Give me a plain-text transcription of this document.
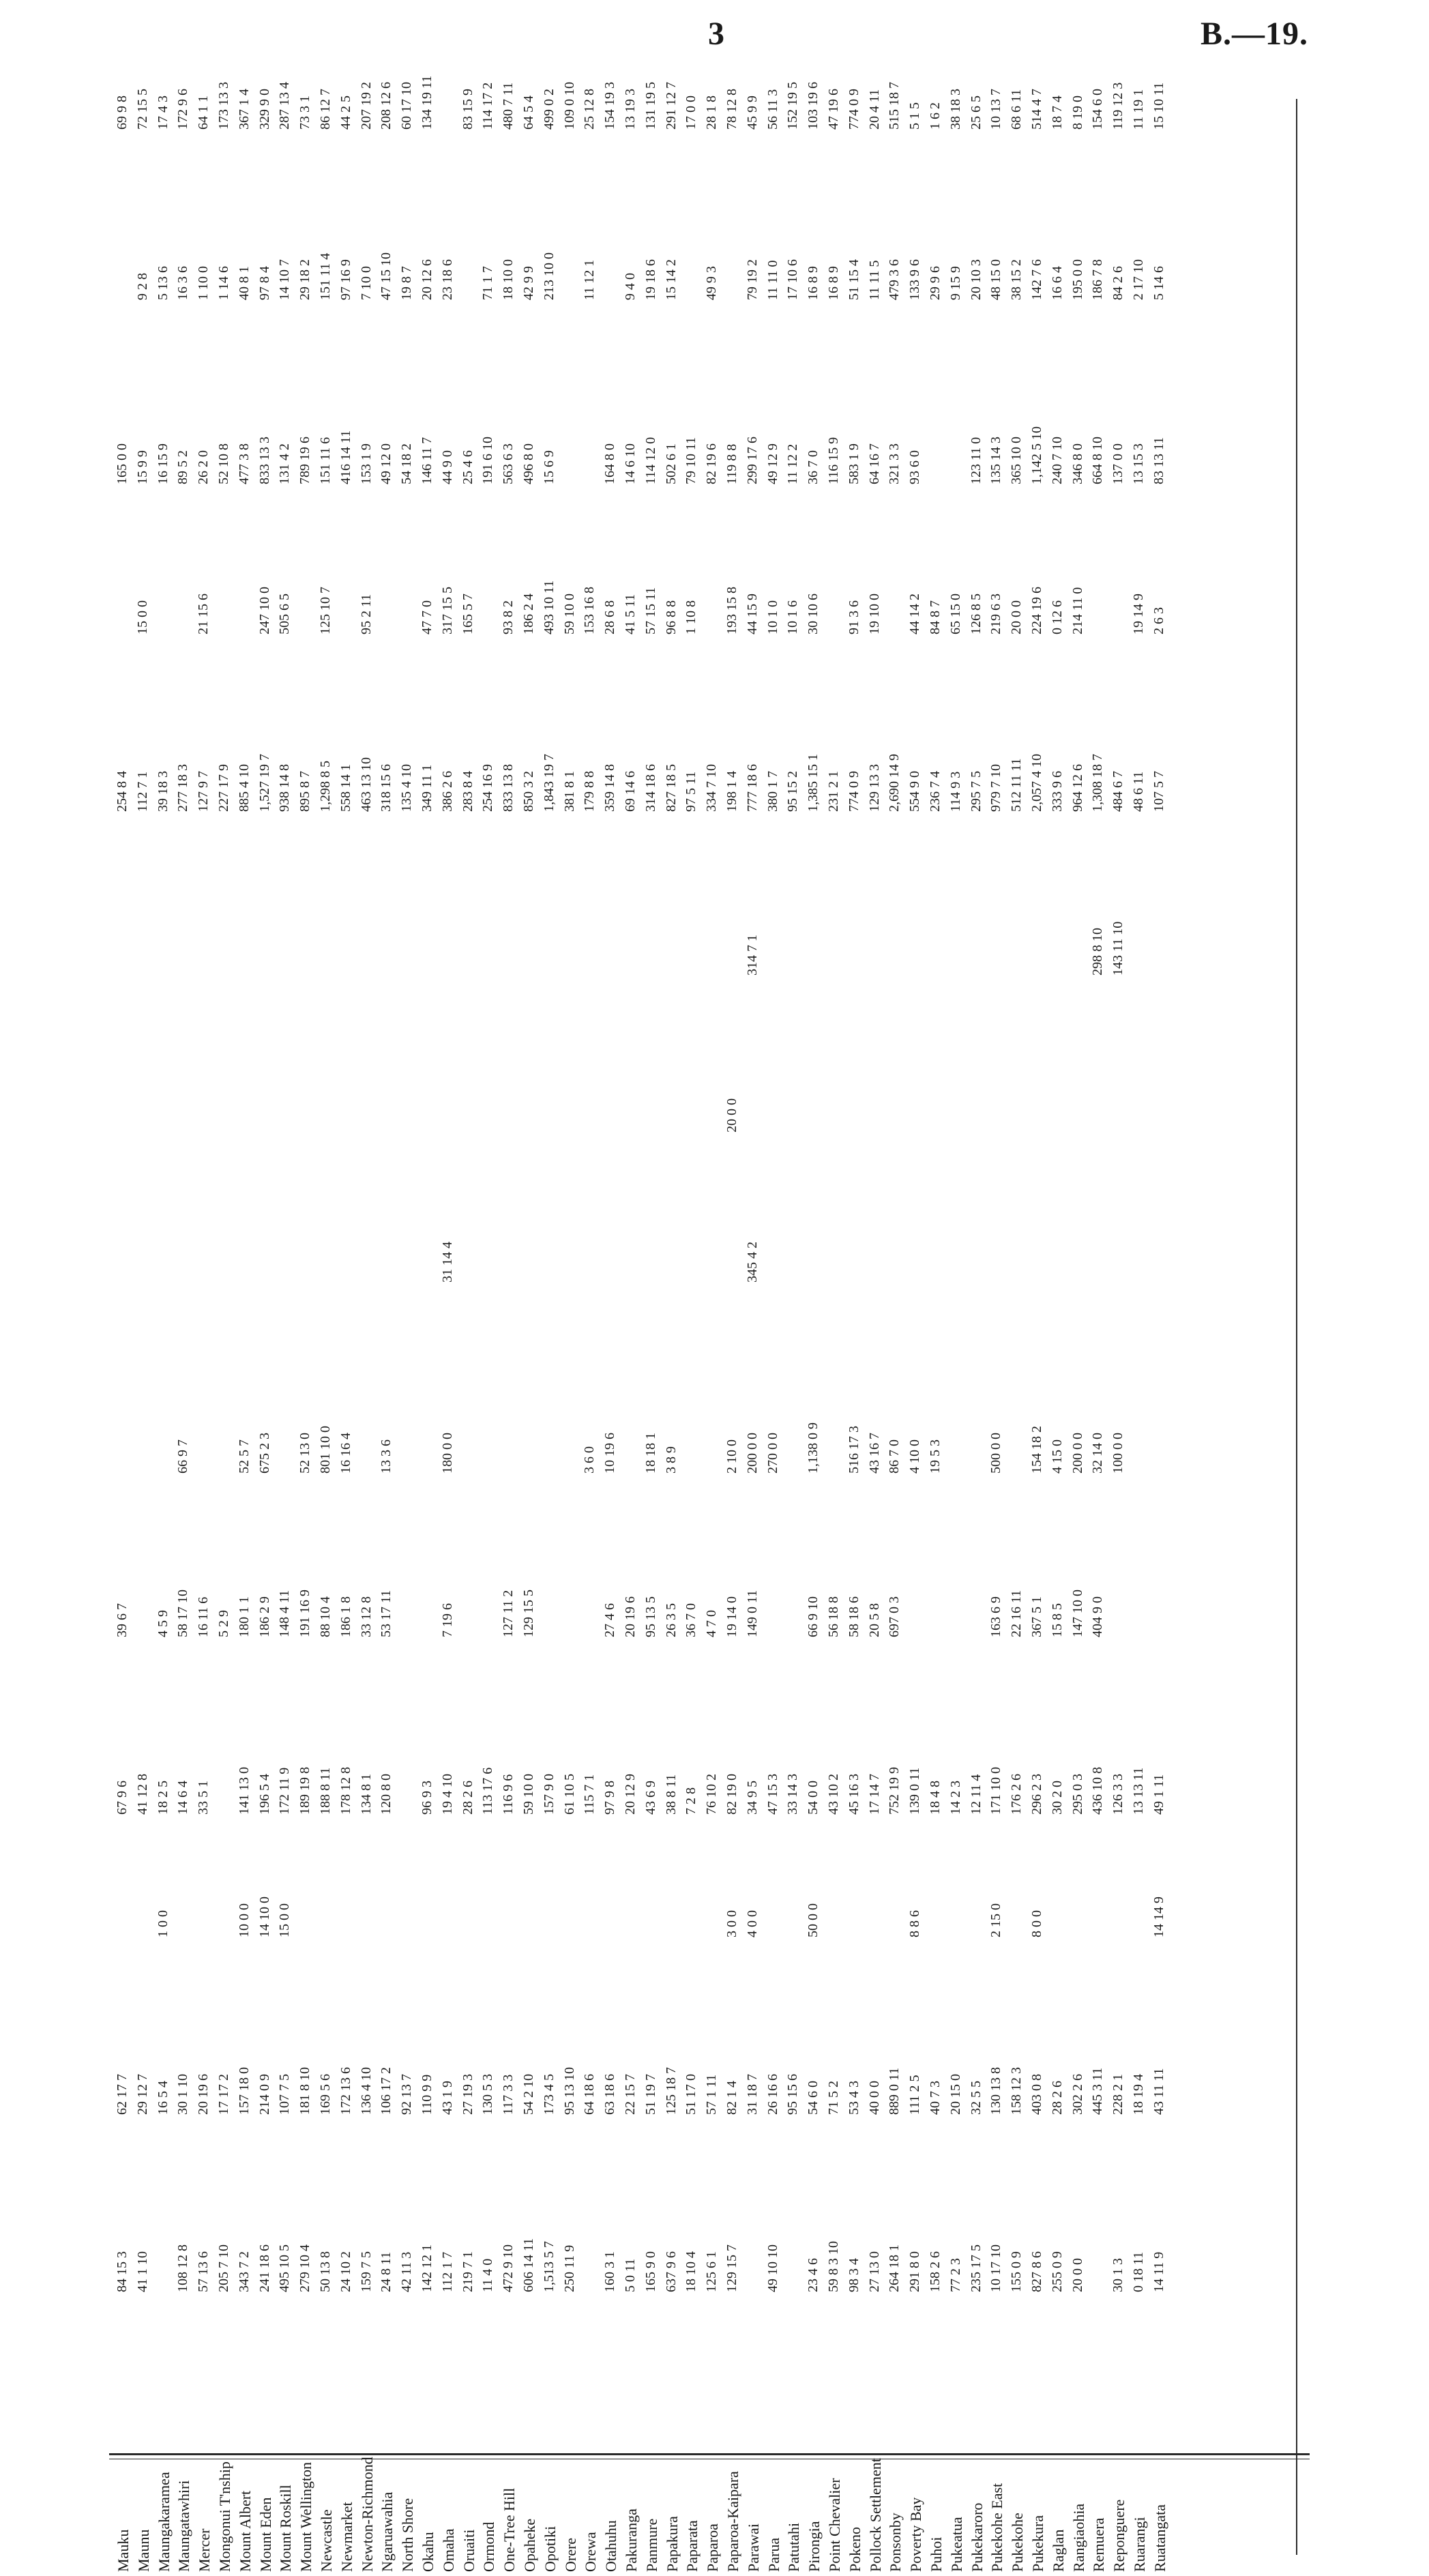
3	B.—19.
Mauku
84 15 3
62 17 7
67 9 6
39 6 7
254 8 4
165 0 0
69 9 8
Maunu
41 1 10
29 12 7
41 12 8
112 7 1
15 0 0
15 9 9
9 2 8
72 15 5
Maungakaramea
16 5 4
1 0 0
18 2 5
4 5 9
39 18 3
16 15 9
5 13 6
17 4 3
Maungatawhiri
108 12 8
30 1 10
14 6 4
58 17 10
66 9 7
277 18 3
89 5 2
16 3 6
172 9 6
Mercer
57 13 6
20 19 6
33 5 1
16 11 6
127 9 7
21 15 6
26 2 0
1 10 0
64 1 1
Mongonui T'nship
205 7 10
17 17 2
5 2 9
227 17 9
52 10 8
1 14 6
173 13 3
Mount Albert
343 7 2
157 18 0
10 0 0
141 13 0
180 1 1
52 5 7
885 4 10
477 3 8
40 8 1
367 1 4
Mount Eden
241 18 6
214 0 9
14 10 0
196 5 4
186 2 9
675 2 3
1,527 19 7
247 10 0
833 13 3
97 8 4
329 9 0
Mount Roskill
495 10 5
107 7 5
15 0 0
172 11 9
148 4 11
938 14 8
505 6 5
131 4 2
14 10 7
287 13 4
Mount Wellington
279 10 4
181 8 10
189 19 8
191 16 9
52 13 0
895 8 7
789 19 6
29 18 2
73 3 1
Newcastle
50 13 8
169 5 6
188 8 11
88 10 4
801 10 0
1,298 8 5
125 10 7
151 11 6
151 11 4
86 12 7
Newmarket
24 10 2
172 13 6
178 12 8
186 1 8
16 16 4
558 14 1
416 14 11
97 16 9
44 2 5
Newton-Richmond
159 7 5
136 4 10
134 8 1
33 12 8
463 13 10
95 2 11
153 1 9
7 10 0
207 19 2
Ngaruawahia
24 8 11
106 17 2
120 8 0
53 17 11
13 3 6
318 15 6
49 12 0
47 15 10
208 12 6
North Shore
42 11 3
92 13 7
135 4 10
54 18 2
19 8 7
60 17 10
Okahu
142 12 1
110 9 9
96 9 3
349 11 1
47 7 0
146 11 7
20 12 6
134 19 11
Omaha
112 1 7
43 1 9
19 4 10
7 19 6
180 0 0
31 14 4
386 2 6
317 15 5
44 9 0
23 18 6
Oruaiti
219 7 1
27 19 3
28 2 6
283 8 4
165 5 7
25 4 6
83 15 9
Ormond
11 4 0
130 5 3
113 17 6
254 16 9
191 6 10
71 1 7
114 17 2
One-Tree Hill
472 9 10
117 3 3
116 9 6
127 11 2
833 13 8
93 8 2
563 6 3
18 10 0
480 7 11
Opaheke
606 14 11
54 2 10
59 10 0
129 15 5
850 3 2
186 2 4
496 8 0
42 9 9
64 5 4
Opotiki
1,513 5 7
173 4 5
157 9 0
1,843 19 7
493 10 11
15 6 9
213 10 0
499 0 2
Orere
250 11 9
95 13 10
61 10 5
381 8 1
59 10 0
109 0 10
Orewa
64 18 6
115 7 1
3 6 0
179 8 8
153 16 8
11 12 1
25 12 8
Otahuhu
160 3 1
63 18 6
97 9 8
27 4 6
10 19 6
359 14 8
28 6 8
164 8 0
154 19 3
Pakuranga
5 0 11
22 15 7
20 12 9
20 19 6
69 14 6
41 5 11
14 6 10
9 4 0
13 19 3
Panmure
165 9 0
51 19 7
43 6 9
95 13 5
18 18 1
314 18 6
57 15 11
114 12 0
19 18 6
131 19 5
Papakura
637 9 6
125 18 7
38 8 11
26 3 5
3 8 9
827 18 5
96 8 8
502 6 1
15 14 2
291 12 7
Paparata
18 10 4
51 17 0
7 2 8
36 7 0
97 5 11
1 10 8
79 10 11
17 0 0
Paparoa
125 6 1
57 1 11
76 10 2
4 7 0
334 7 10
82 19 6
49 9 3
28 1 8
Paparoa-Kaipara
129 15 7
82 1 4
3 0 0
82 19 0
19 14 0
2 10 0
20 0 0
198 1 4
193 15 8
119 8 8
78 12 8
Parawai
31 18 7
4 0 0
34 9 5
149 0 11
200 0 0
345 4 2
314 7 1
777 18 6
44 15 9
299 17 6
79 19 2
45 9 9
Parua
49 10 10
26 16 6
47 15 3
270 0 0
380 1 7
10 1 0
49 12 9
11 11 0
56 11 3
Patutahi
95 15 6
33 14 3
95 15 2
10 1 6
11 12 2
17 10 6
152 19 5
Pirongia
23 4 6
54 6 0
50 0 0
54 0 0
66 9 10
1,138 0 9
1,385 15 1
30 10 6
36 7 0
16 8 9
103 19 6
Point Chevalier
59 8 3 10
71 5 2
43 10 2
56 18 8
231 2 1
116 15 9
16 8 9
47 19 6
Pokeno
98 3 4
53 4 3
45 16 3
58 18 6
516 17 3
774 0 9
91 3 6
583 1 9
51 15 4
774 0 9
Pollock Settlement
27 13 0
40 0 0
17 14 7
20 5 8
43 16 7
129 13 3
19 10 0
64 16 7
11 11 5
20 4 11
Ponsonby
264 18 1
889 0 11
752 19 9
697 0 3
86 7 0
2,690 14 9
321 3 3
479 3 6
515 18 7
Poverty Bay
291 8 0
111 2 5
8 8 6
139 0 11
4 10 0
554 9 0
44 14 2
93 6 0
133 9 6
5 1 5
Puhoi
158 2 6
40 7 3
18 4 8
19 5 3
236 7 4
84 8 7
29 9 6
1 6 2
Pukeatua
77 2 3
20 15 0
14 2 3
114 9 3
65 15 0
9 15 9
38 18 3
Pukekaroro
235 17 5
32 5 5
12 11 4
295 7 5
126 8 5
123 11 0
20 10 3
25 6 5
Pukekohe East
10 17 10
130 13 8
2 15 0
171 10 0
163 6 9
500 0 0
979 7 10
219 6 3
135 14 3
48 15 0
10 13 7
Pukekohe
155 0 9
158 12 3
176 2 6
22 16 11
512 11 11
20 0 0
365 10 0
38 15 2
68 6 11
Pukekura
827 8 6
403 0 8
8 0 0
296 2 3
367 5 1
154 18 2
2,057 4 10
224 19 6
1,142 5 10
142 7 6
514 4 7
Raglan
255 0 9
28 2 6
30 2 0
15 8 5
4 15 0
333 9 6
0 12 6
240 7 10
16 6 4
18 7 4
Rangiaohia
20 0 0
302 2 6
295 0 3
147 10 0
200 0 0
964 12 6
214 11 0
346 8 0
195 0 0
8 19 0
Remuera
445 3 11
436 10 8
404 9 0
32 14 0
298 8 10
1,308 18 7
664 8 10
186 7 8
154 6 0
Reponguere
30 1 3
228 2 1
126 3 3
100 0 0
143 11 10
484 6 7
137 0 0
84 2 6
119 12 3
Ruarangi
0 18 11
18 19 4
13 13 11
48 6 11
19 14 9
13 15 3
2 17 10
11 19 1
Ruatangata
14 11 9
43 11 11
14 14 9
49 1 11
107 5 7
2 6 3
83 13 11
5 14 6
15 10 11
